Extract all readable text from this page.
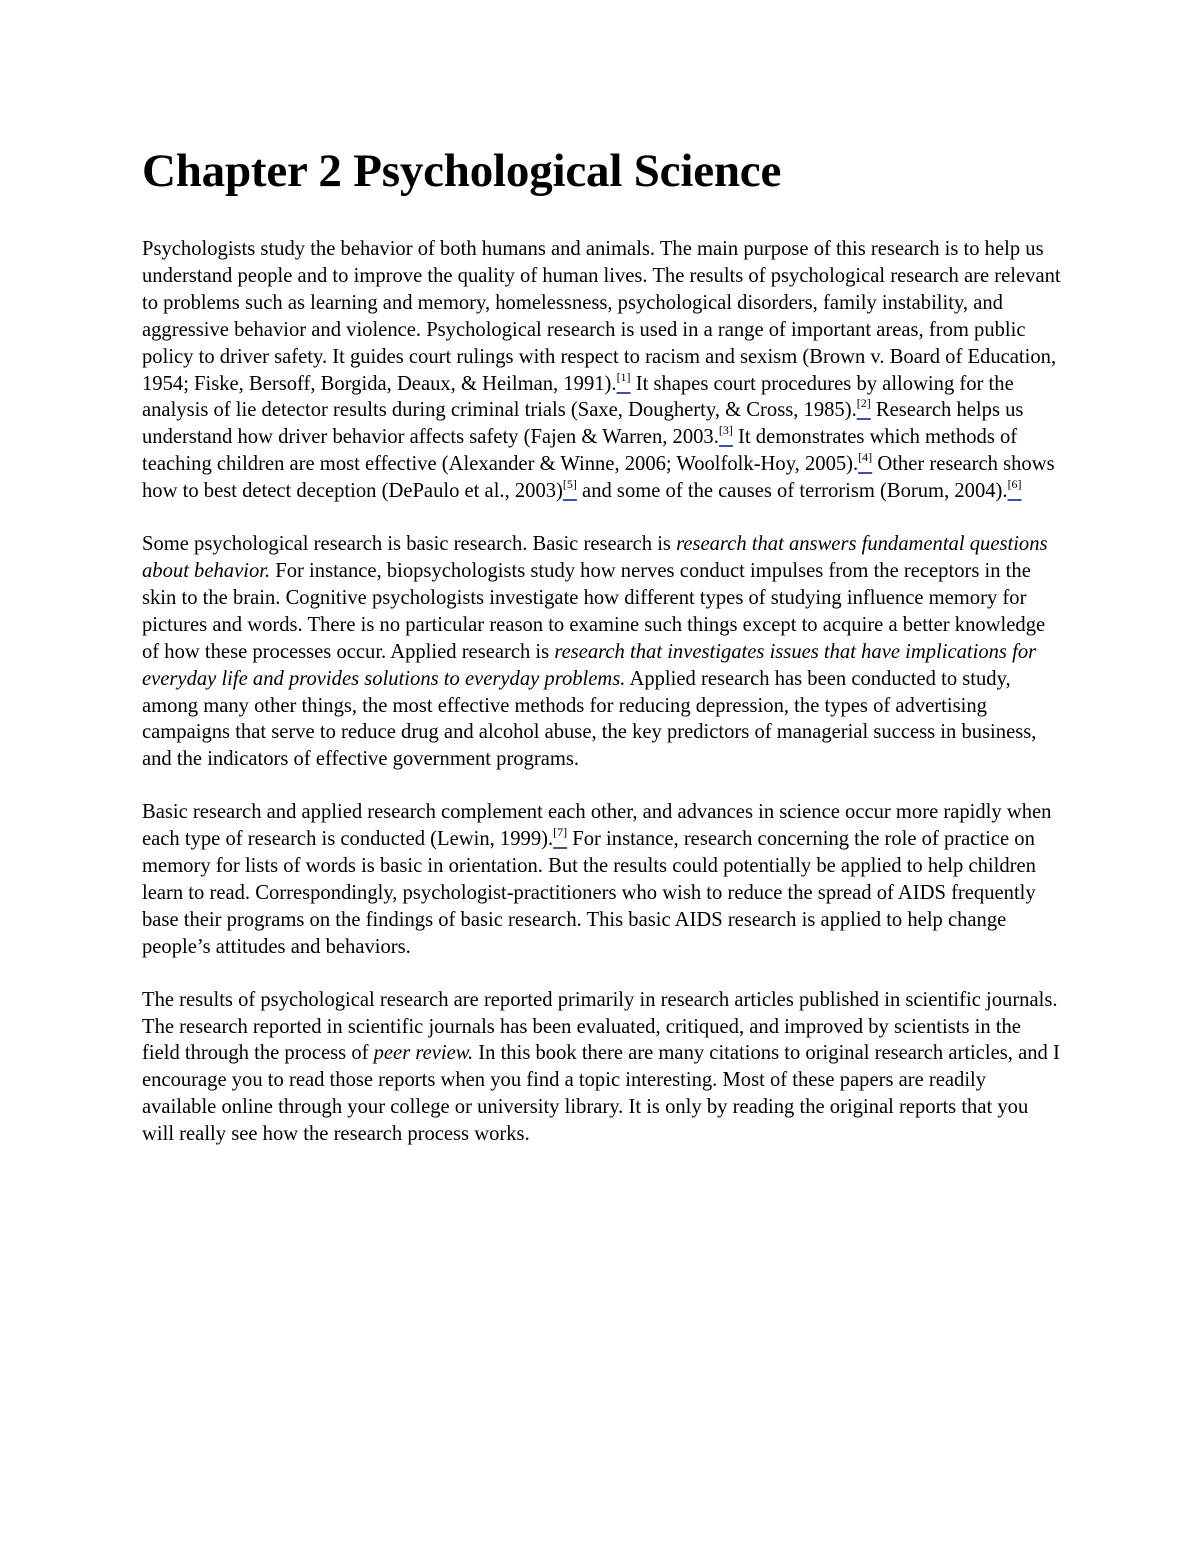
Chapter 2 Psychological Science

Psychologists study the behavior of both humans and animals. The main purpose of this research is to help us understand people and to improve the quality of human lives. The results of psychological research are relevant to problems such as learning and memory, homelessness, psychological disorders, family instability, and aggressive behavior and violence. Psychological research is used in a range of important areas, from public policy to driver safety. It guides court rulings with respect to racism and sexism (Brown v. Board of Education, 1954; Fiske, Bersoff, Borgida, Deaux, & Heilman, 1991).[1] It shapes court procedures by allowing for the analysis of lie detector results during criminal trials (Saxe, Dougherty, & Cross, 1985).[2] Research helps us understand how driver behavior affects safety (Fajen & Warren, 2003.[3] It demonstrates which methods of teaching children are most effective (Alexander & Winne, 2006; Woolfolk-Hoy, 2005).[4] Other research shows how to best detect deception (DePaulo et al., 2003)[5] and some of the causes of terrorism (Borum, 2004).[6]

Some psychological research is basic research. Basic research is research that answers fundamental questions about behavior. For instance, biopsychologists study how nerves conduct impulses from the receptors in the skin to the brain. Cognitive psychologists investigate how different types of studying influence memory for pictures and words. There is no particular reason to examine such things except to acquire a better knowledge of how these processes occur. Applied research is research that investigates issues that have implications for everyday life and provides solutions to everyday problems. Applied research has been conducted to study, among many other things, the most effective methods for reducing depression, the types of advertising campaigns that serve to reduce drug and alcohol abuse, the key predictors of managerial success in business, and the indicators of effective government programs.

Basic research and applied research complement each other, and advances in science occur more rapidly when each type of research is conducted (Lewin, 1999).[7] For instance, research concerning the role of practice on memory for lists of words is basic in orientation. But the results could potentially be applied to help children learn to read. Correspondingly, psychologist-practitioners who wish to reduce the spread of AIDS frequently base their programs on the findings of basic research. This basic AIDS research is applied to help change people’s attitudes and behaviors.

The results of psychological research are reported primarily in research articles published in scientific journals. The research reported in scientific journals has been evaluated, critiqued, and improved by scientists in the field through the process of peer review. In this book there are many citations to original research articles, and I encourage you to read those reports when you find a topic interesting. Most of these papers are readily available online through your college or university library. It is only by reading the original reports that you will really see how the research process works.
